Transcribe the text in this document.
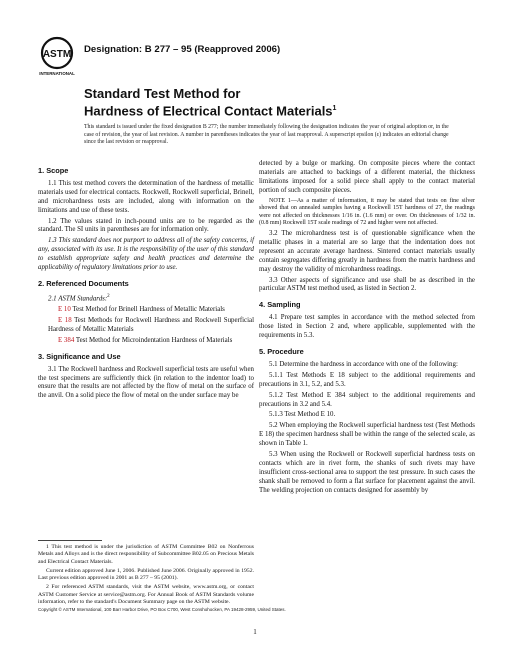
ASTM
INTERNATIONAL
Designation: B 277 – 95 (Reapproved 2006)
Standard Test Method for
Hardness of Electrical Contact Materials$^1$
This standard is issued under the fixed designation B 277; the number immediately following the designation indicates the year of original adoption or, in the case of revision, the year of last revision. A number in parentheses indicates the year of last reapproval. A superscript epsilon (ε) indicates an editorial change since the last revision or reapproval.
1. Scope

1.1 This test method covers the determination of the hardness of metallic materials used for electrical contacts. Rockwell, Rockwell superficial, Brinell, and microhardness tests are included, along with information on the limitations and use of these tests.

1.2 The values stated in inch-pound units are to be regarded as the standard. The SI units in parentheses are for information only.

1.3 This standard does not purport to address all of the safety concerns, if any, associated with its use. It is the responsibility of the user of this standard to establish appropriate safety and health practices and determine the applicability of regulatory limitations prior to use.

2. Referenced Documents

2.1 ASTM Standards:$^2$

E 10 Test Method for Brinell Hardness of Metallic Materials

E 18 Test Methods for Rockwell Hardness and Rockwell Superficial Hardness of Metallic Materials

E 384 Test Method for Microindentation Hardness of Materials

3. Significance and Use

3.1 The Rockwell hardness and Rockwell superficial tests are useful when the test specimens are sufficiently thick (in relation to the indentor load) to ensure that the results are not affected by the flow of metal on the surface of the anvil. On a solid piece the flow of metal on the under surface may be

detected by a bulge or marking. On composite pieces where the contact materials are attached to backings of a different material, the thickness limitations imposed for a solid piece shall apply to the contact material portion of such composite pieces.

NOTE 1—As a matter of information, it may be stated that tests on fine silver showed that on annealed samples having a Rockwell 15T hardness of 27, the readings were not affected on thicknesses 1/16 in. (1.6 mm) or over. On thicknesses of 1/32 in. (0.8 mm) Rockwell 15T scale readings of 72 and higher were not affected.

3.2 The microhardness test is of questionable significance when the metallic phases in a material are so large that the indentation does not represent an accurate average hardness. Sintered contact materials usually contain segregates differing greatly in hardness from the matrix hardness and may destroy the validity of microhardness readings.

3.3 Other aspects of significance and use shall be as described in the particular ASTM test method used, as listed in Section 2.

4. Sampling

4.1 Prepare test samples in accordance with the method selected from those listed in Section 2 and, where applicable, supplemented with the requirements in 5.3.

5. Procedure

5.1 Determine the hardness in accordance with one of the following:

5.1.1 Test Methods E 18 subject to the additional requirements and precautions in 3.1, 5.2, and 5.3.

5.1.2 Test Method E 384 subject to the additional requirements and precautions in 3.2 and 5.4.

5.1.3 Test Method E 10.

5.2 When employing the Rockwell superficial hardness test (Test Methods E 18) the specimen hardness shall be within the range of the selected scale, as shown in Table 1.

5.3 When using the Rockwell or Rockwell superficial hardness tests on contacts which are in rivet form, the shanks of such rivets may have insufficient cross-sectional area to support the test pressure. In such cases the shank shall be removed to form a flat surface for placement against the anvil. The welding projection on contacts designed for assembly by

1 This test method is under the jurisdiction of ASTM Committee B02 on Nonferrous Metals and Alloys and is the direct responsibility of Subcommittee B02.05 on Precious Metals and Electrical Contact Materials.

Current edition approved June 1, 2006. Published June 2006. Originally approved in 1952. Last previous edition approved in 2001 as B 277 – 95 (2001).

2 For referenced ASTM standards, visit the ASTM website, www.astm.org, or contact ASTM Customer Service at service@astm.org. For Annual Book of ASTM Standards volume information, refer to the standard's Document Summary page on the ASTM website.

Copyright © ASTM International, 100 Barr Harbor Drive, PO Box C700, West Conshohocken, PA 19428-2959, United States.
1
